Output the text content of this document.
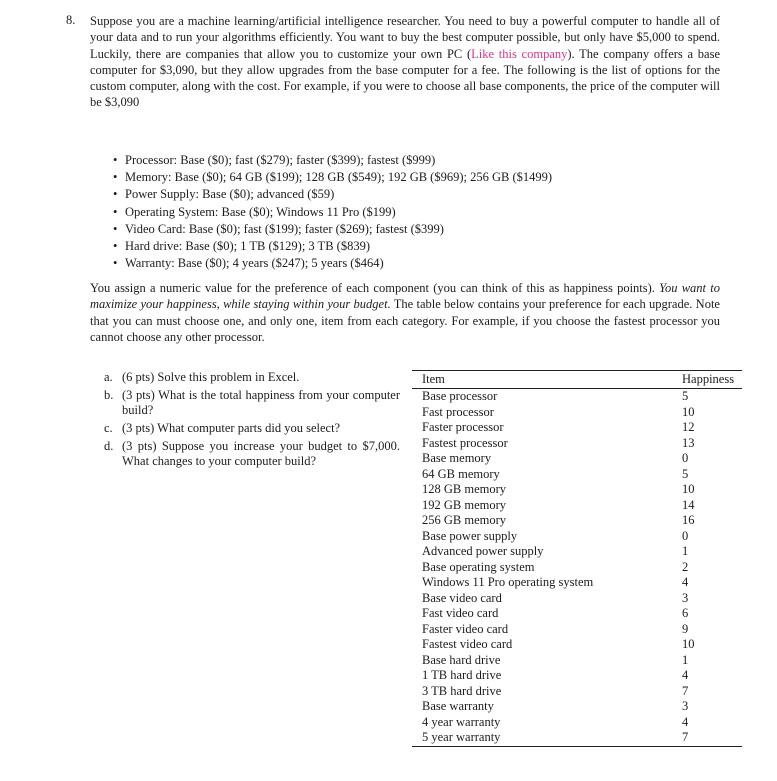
8. Suppose you are a machine learning/artificial intelligence researcher. You need to buy a powerful computer to handle all of your data and to run your algorithms efficiently. You want to buy the best computer possible, but only have $5,000 to spend. Luckily, there are companies that allow you to customize your own PC (Like this company). The company offers a base computer for $3,090, but they allow upgrades from the base computer for a fee. The following is the list of options for the custom computer, along with the cost. For example, if you were to choose all base components, the price of the computer will be $3,090

• Processor: Base ($0); fast ($279); faster ($399); fastest ($999)
• Memory: Base ($0); 64 GB ($199); 128 GB ($549); 192 GB ($969); 256 GB ($1499)
• Power Supply: Base ($0); advanced ($59)
• Operating System: Base ($0); Windows 11 Pro ($199)
• Video Card: Base ($0); fast ($199); faster ($269); fastest ($399)
• Hard drive: Base ($0); 1 TB ($129); 3 TB ($839)
• Warranty: Base ($0); 4 years ($247); 5 years ($464)

You assign a numeric value for the preference of each component (you can think of this as happiness points). You want to maximize your happiness, while staying within your budget. The table below contains your preference for each upgrade. Note that you can must choose one, and only one, item from each category. For example, if you choose the fastest processor you cannot choose any other processor.

a. (6 pts) Solve this problem in Excel.
b. (3 pts) What is the total happiness from your computer build?
c. (3 pts) What computer parts did you select?
d. (3 pts) Suppose you increase your budget to $7,000. What changes to your computer build?
Item	Happiness
Base processor	5
Fast processor	10
Faster processor	12
Fastest processor	13
Base memory	0
64 GB memory	5
128 GB memory	10
192 GB memory	14
256 GB memory	16
Base power supply	0
Advanced power supply	1
Base operating system	2
Windows 11 Pro operating system	4
Base video card	3
Fast video card	6
Faster video card	9
Fastest video card	10
Base hard drive	1
1 TB hard drive	4
3 TB hard drive	7
Base warranty	3
4 year warranty	4
5 year warranty	7
